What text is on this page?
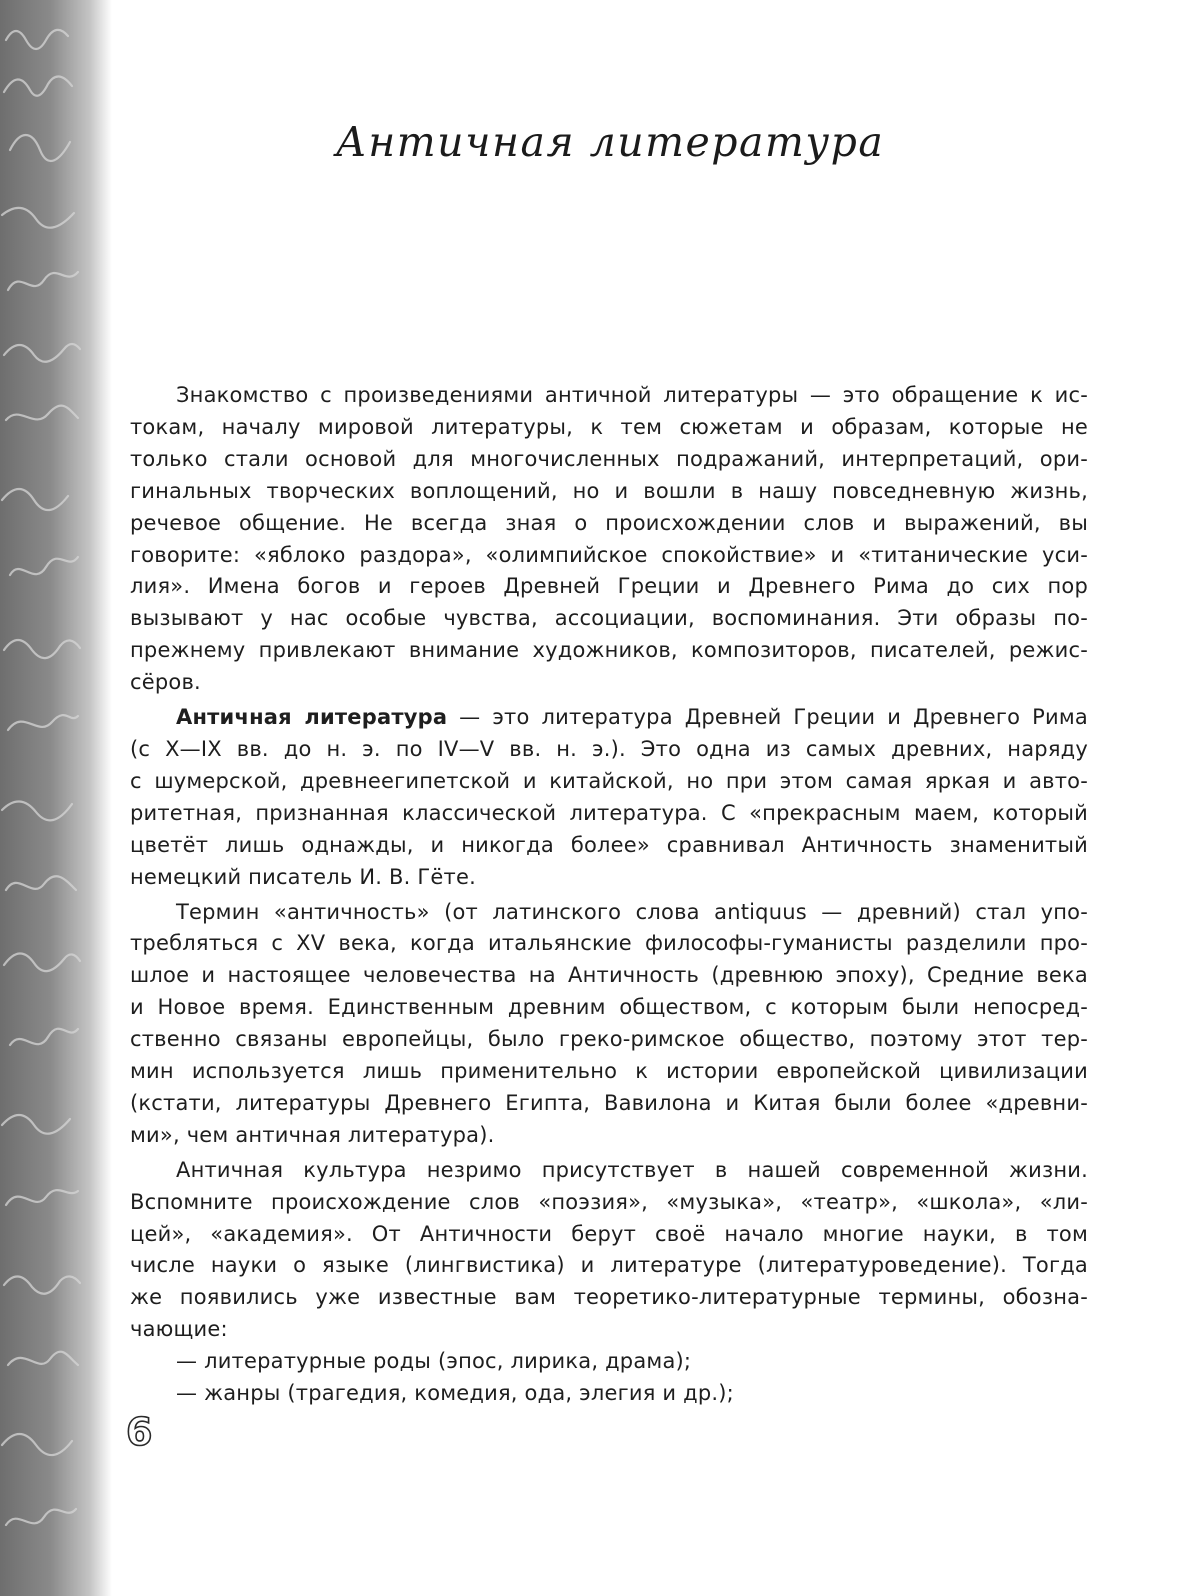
Античная литература
Знакомство с произведениями античной литературы — это обращение к ис-
токам, началу мировой литературы, к тем сюжетам и образам, которые не
только стали основой для многочисленных подражаний, интерпретаций, ори-
гинальных творческих воплощений, но и вошли в нашу повседневную жизнь,
речевое общение. Не всегда зная о происхождении слов и выражений, вы
говорите: «яблоко раздора», «олимпийское спокойствие» и «титанические уси-
лия». Имена богов и героев Древней Греции и Древнего Рима до сих пор
вызывают у нас особые чувства, ассоциации, воспоминания. Эти образы по-
прежнему привлекают внимание художников, композиторов, писателей, режис-
сёров.
Античная литература — это литература Древней Греции и Древнего Рима
(с X—IX вв. до н. э. по IV—V вв. н. э.). Это одна из самых древних, наряду
с шумерской, древнеегипетской и китайской, но при этом самая яркая и авто-
ритетная, признанная классической литература. С «прекрасным маем, который
цветёт лишь однажды, и никогда более» сравнивал Античность знаменитый
немецкий писатель И. В. Гёте.
Термин «античность» (от латинского слова antiquus — древний) стал упо-
требляться с XV века, когда итальянские философы-гуманисты разделили про-
шлое и настоящее человечества на Античность (древнюю эпоху), Средние века
и Новое время. Единственным древним обществом, с которым были непосред-
ственно связаны европейцы, было греко-римское общество, поэтому этот тер-
мин используется лишь применительно к истории европейской цивилизации
(кстати, литературы Древнего Египта, Вавилона и Китая были более «древни-
ми», чем античная литература).
Античная культура незримо присутствует в нашей современной жизни.
Вспомните происхождение слов «поэзия», «музыка», «театр», «школа», «ли-
цей», «академия». От Античности берут своё начало многие науки, в том
числе науки о языке (лингвистика) и литературе (литературоведение). Тогда
же появились уже известные вам теоретико-литературные термины, обозна-
чающие:
— литературные роды (эпос, лирика, драма);
— жанры (трагедия, комедия, ода, элегия и др.);
6
